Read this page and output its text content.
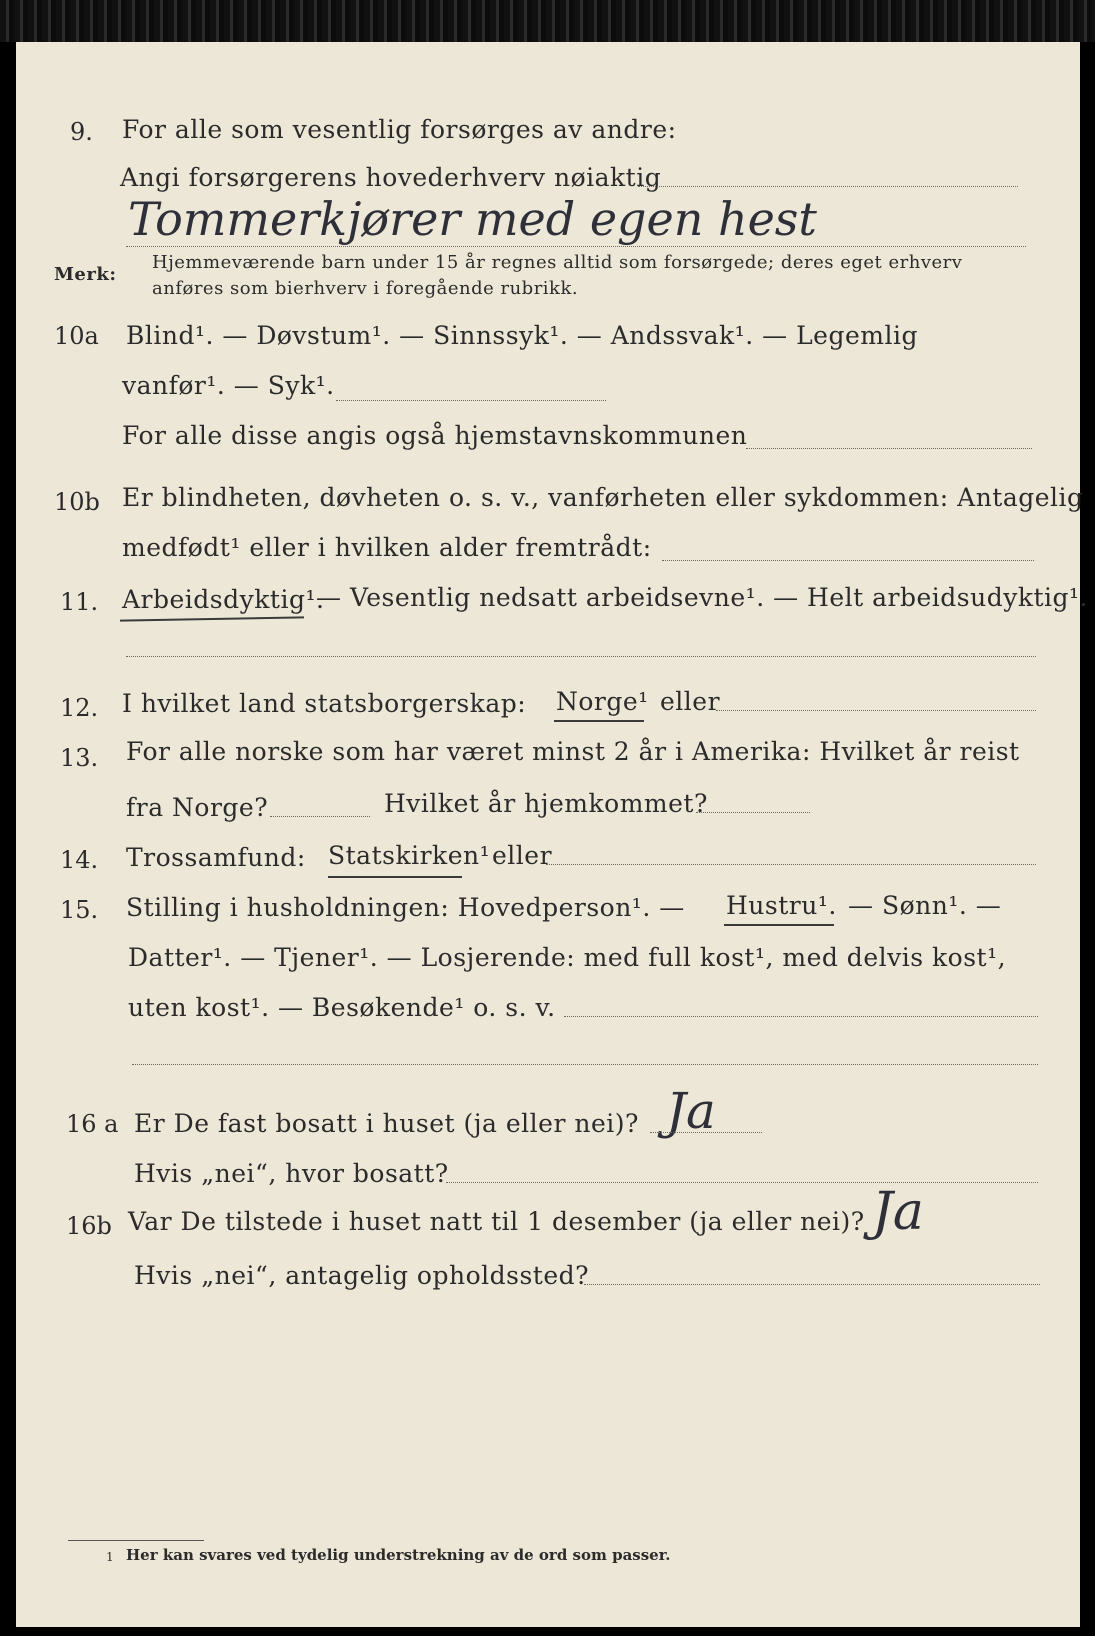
9. For alle som vesentlig forsørges av andre:
Angi forsørgerens hovederhverv nøiaktig
Tommerkjører med egen hest
Merk:
Hjemmeværende barn under 15 år regnes alltid som forsørgede; deres eget erhverv
anføres som bierhverv i foregående rubrikk.
10a Blind¹. — Døvstum¹. — Sinnssyk¹. — Andssvak¹. — Legemlig
vanfør¹. — Syk¹.
For alle disse angis også hjemstavnskommunen
10b Er blindheten, døvheten o. s. v., vanførheten eller sykdommen: Antagelig
medfødt¹ eller i hvilken alder fremtrådt:
11. Arbeidsdyktig¹.
— Vesentlig nedsatt arbeidsevne¹. — Helt arbeidsudyktig¹.
12. I hvilket land statsborgerskap: Norge¹ eller
13. For alle norske som har været minst 2 år i Amerika: Hvilket år reist
fra Norge?	Hvilket år hjemkommet?
14. Trossamfund: Statskirken¹ eller
15. Stilling i husholdningen: Hovedperson¹. — Hustru¹. — Sønn¹. —
Datter¹. — Tjener¹. — Losjerende: med full kost¹, med delvis kost¹,
uten kost¹. — Besøkende¹ o. s. v.
16 a Er De fast bosatt i huset (ja eller nei)? Ja
Hvis „nei“, hvor bosatt?
16b Var De tilstede i huset natt til 1 desember (ja eller nei)? Ja
Hvis „nei“, antagelig opholdssted?
1 Her kan svares ved tydelig understrekning av de ord som passer.
